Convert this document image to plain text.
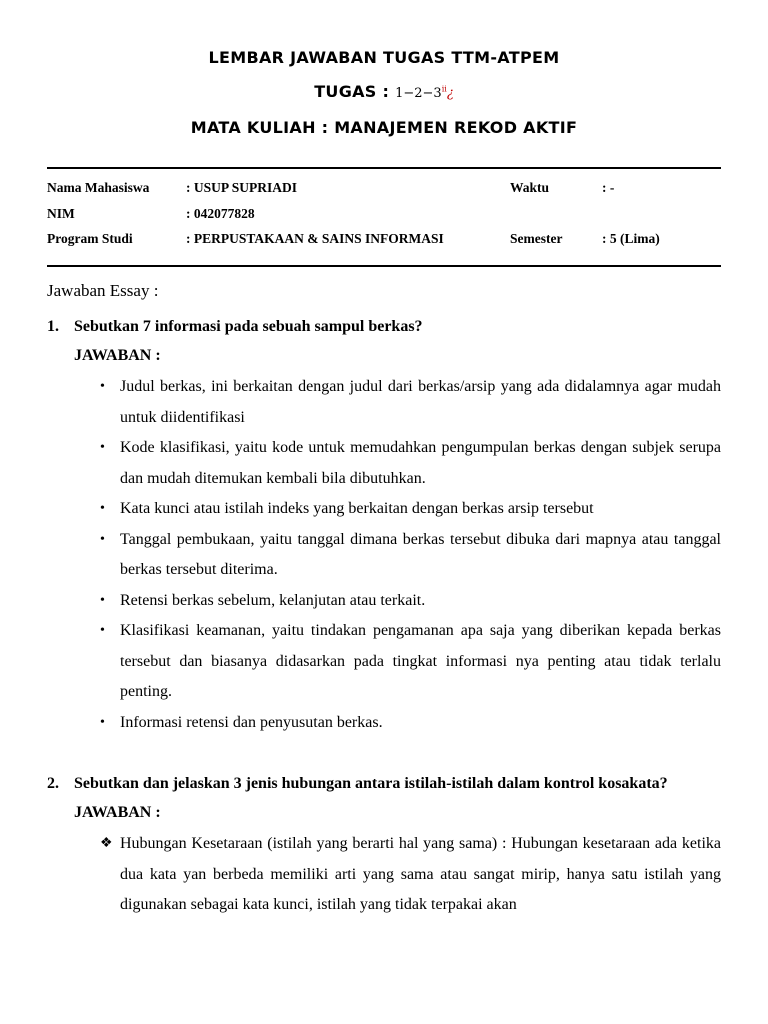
LEMBAR JAWABAN TUGAS TTM-ATPEM
TUGAS : $1-2-3^{ii}¿$
MATA KULIAH : MANAJEMEN REKOD AKTIF
Nama Mahasiswa	: USUP SUPRIADI	Waktu	: -
NIM	: 042077828
Program Studi	: PERPUSTAKAAN & SAINS INFORMASI	Semester	: 5 (Lima)
Jawaban Essay :
1. Sebutkan 7 informasi pada sebuah sampul berkas?
JAWABAN :
• Judul berkas, ini berkaitan dengan judul dari berkas/arsip yang ada didalamnya agar mudah untuk diidentifikasi
• Kode klasifikasi, yaitu kode untuk memudahkan pengumpulan berkas dengan subjek serupa dan mudah ditemukan kembali bila dibutuhkan.
• Kata kunci atau istilah indeks yang berkaitan dengan berkas arsip tersebut
• Tanggal pembukaan, yaitu tanggal dimana berkas tersebut dibuka dari mapnya atau tanggal berkas tersebut diterima.
• Retensi berkas sebelum, kelanjutan atau terkait.
• Klasifikasi keamanan, yaitu tindakan pengamanan apa saja yang diberikan kepada berkas tersebut dan biasanya didasarkan pada tingkat informasi nya penting atau tidak terlalu penting.
• Informasi retensi dan penyusutan berkas.
2. Sebutkan dan jelaskan 3 jenis hubungan antara istilah-istilah dalam kontrol kosakata?
JAWABAN :
❖ Hubungan Kesetaraan (istilah yang berarti hal yang sama) : Hubungan kesetaraan ada ketika dua kata yan berbeda memiliki arti yang sama atau sangat mirip, hanya satu istilah yang digunakan sebagai kata kunci, istilah yang tidak terpakai akan
